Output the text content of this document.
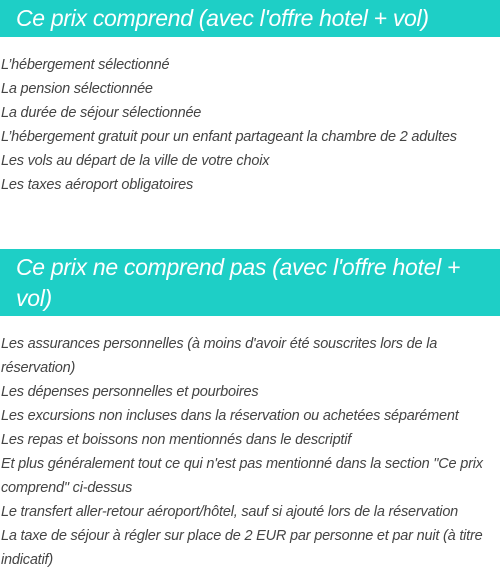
Ce prix comprend (avec l'offre hotel + vol)
L’hébergement sélectionné
La pension sélectionnée
La durée de séjour sélectionnée
L’hébergement gratuit pour un enfant partageant la chambre de 2 adultes
Les vols au départ de la ville de votre choix
Les taxes aéroport obligatoires
Ce prix ne comprend pas (avec l'offre hotel + vol)
Les assurances personnelles (à moins d'avoir été souscrites lors de la réservation)
Les dépenses personnelles et pourboires
Les excursions non incluses dans la réservation ou achetées séparément
Les repas et boissons non mentionnés dans le descriptif
Et plus généralement tout ce qui n'est pas mentionné dans la section "Ce prix comprend" ci-dessus
Le transfert aller-retour aéroport/hôtel, sauf si ajouté lors de la réservation
La taxe de séjour à régler sur place de 2 EUR par personne et par nuit (à titre indicatif)
